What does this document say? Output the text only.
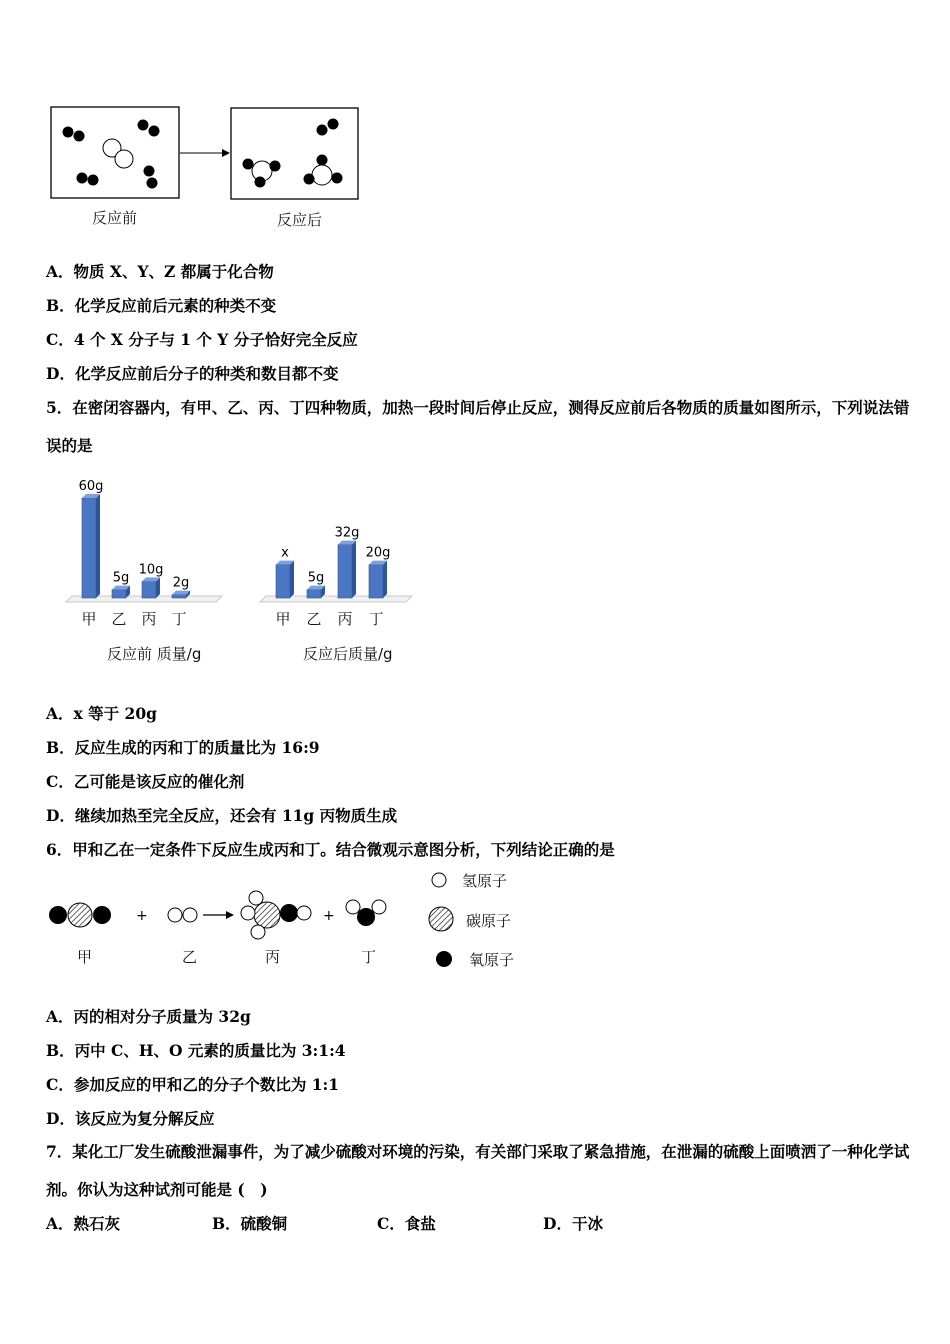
反应前	反应后
A．物质 X、Y、Z 都属于化合物
B．化学反应前后元素的种类不变
C．4 个 X 分子与 1 个 Y 分子恰好完全反应
D．化学反应前后分子的种类和数目都不变
5．在密闭容器内，有甲、乙、丙、丁四种物质，加热一段时间后停止反应，测得反应前后各物质的质量如图所示，下列说法错误的是
60g
甲
5g
乙
10g
丙
2g
丁
反应前 质量/g
x
甲
5g
乙
32g
丙
20g
丁
反应后质量/g
A．x 等于 20g
B．反应生成的丙和丁的质量比为 16:9
C．乙可能是该反应的催化剂
D．继续加热至完全反应，还会有 11g 丙物质生成
6．甲和乙在一定条件下反应生成丙和丁。结合微观示意图分析，下列结论正确的是
+	+
甲	乙	丙	丁
氢原子
碳原子
氧原子
A．丙的相对分子质量为 32g
B．丙中 C、H、O 元素的质量比为 3:1:4
C．参加反应的甲和乙的分子个数比为 1:1
D．该反应为复分解反应
7．某化工厂发生硫酸泄漏事件，为了减少硫酸对环境的污染，有关部门采取了紧急措施，在泄漏的硫酸上面喷洒了一种化学试剂。你认为这种试剂可能是 (　)
A．熟石灰	B．硫酸铜	C．食盐	D．干冰
